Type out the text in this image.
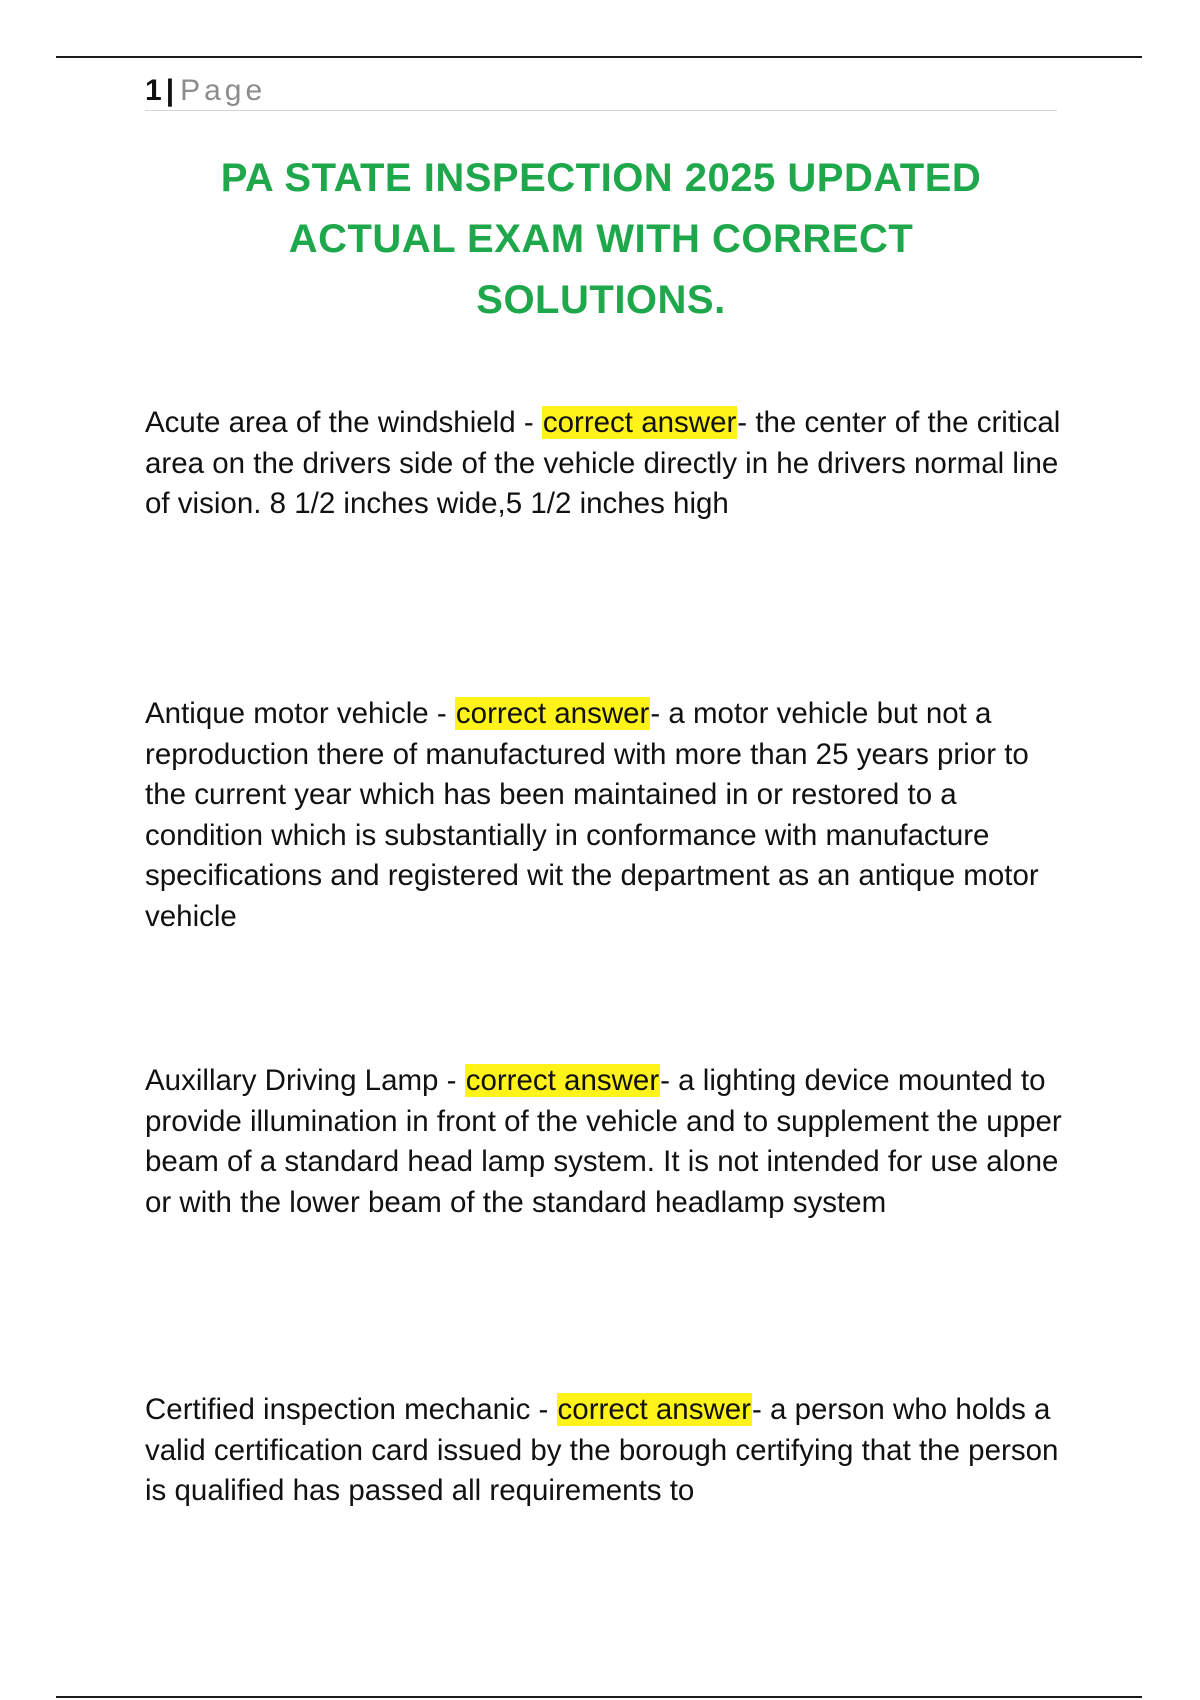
1 | Page
PA STATE INSPECTION 2025 UPDATED
ACTUAL EXAM WITH CORRECT
SOLUTIONS.

Acute area of the windshield - correct answer- the center of the critical area on the drivers side of the vehicle directly in he drivers normal line of vision. 8 1/2 inches wide,5 1/2 inches high

Antique motor vehicle - correct answer- a motor vehicle but not a reproduction there of manufactured with more than 25 years prior to the current year which has been maintained in or restored to a condition which is substantially in conformance with manufacture specifications and registered wit the department as an antique motor vehicle

Auxillary Driving Lamp - correct answer- a lighting device mounted to provide illumination in front of the vehicle and to supplement the upper beam of a standard head lamp system. It is not intended for use alone or with the lower beam of the standard headlamp system

Certified inspection mechanic - correct answer- a person who holds a valid certification card issued by the borough certifying that the person is qualified has passed all requirements to
